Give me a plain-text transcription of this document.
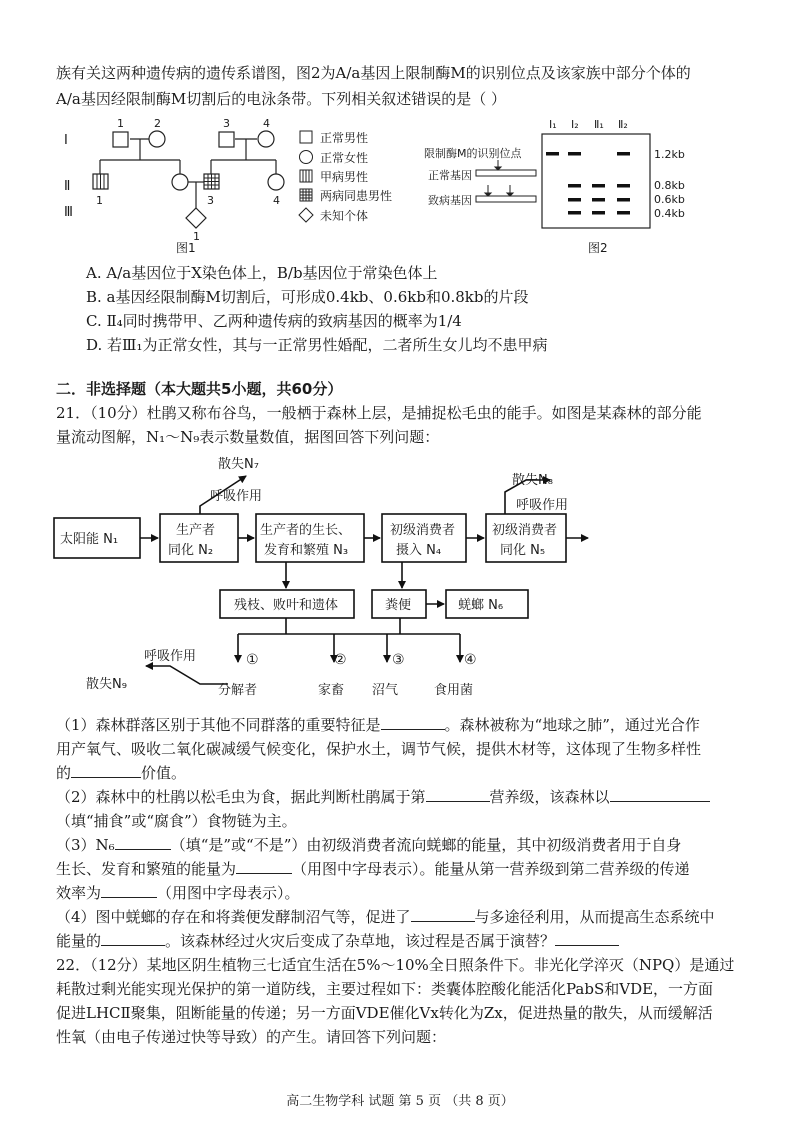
族有关这两种遗传病的遗传系谱图，图2为A/a基因上限制酶M的识别位点及该家族中部分个体的
A/a基因经限制酶M切割后的电泳条带。下列相关叙述错误的是（ ）
Ⅰ
Ⅱ
Ⅲ
1	2	3	4
1	3	4
1
正常男性
正常女性
甲病男性
两病同患男性
未知个体
图1
限制酶M的识别位点
正常基因
致病基因
Ⅰ₁ Ⅰ₂ Ⅱ₁ Ⅱ₂
1.2kb
0.8kb
0.6kb
0.4kb
图2
A. A/a基因位于X染色体上，B/b基因位于常染色体上
B. a基因经限制酶M切割后，可形成0.4kb、0.6kb和0.8kb的片段
C. Ⅱ₄同时携带甲、乙两种遗传病的致病基因的概率为1/4
D. 若Ⅲ₁为正常女性，其与一正常男性婚配，二者所生女儿均不患甲病
二．非选择题（本大题共5小题，共60分）
21．（10分）杜鹃又称布谷鸟，一般栖于森林上层，是捕捉松毛虫的能手。如图是某森林的部分能
量流动图解，N₁～N₉表示数量数值，据图回答下列问题：
散失N₇
呼吸作用
散失N₈
呼吸作用
太阳能 N₁
生产者
同化 N₂
生产者的生长、
发育和繁殖 N₃
初级消费者
摄入 N₄
初级消费者
同化 N₅
残枝、败叶和遗体	粪便	蜣螂 N₆
①	②	③	④
分解者	家畜 沼气	食用菌
呼吸作用
散失N₉
（1）森林群落区别于其他不同群落的重要特征是	。森林被称为“地球之肺”，通过光合作
用产氧气、吸收二氧化碳减缓气候变化，保护水土，调节气候，提供木材等，这体现了生物多样性
的	价值。
（2）森林中的杜鹃以松毛虫为食，据此判断杜鹃属于第	营养级，该森林以
（填“捕食”或“腐食”）食物链为主。
（3）N₆	（填“是”或“不是”）由初级消费者流向蜣螂的能量，其中初级消费者用于自身
生长、发育和繁殖的能量为	（用图中字母表示）。能量从第一营养级到第二营养级的传递
效率为	（用图中字母表示）。
（4）图中蜣螂的存在和将粪便发酵制沼气等，促进了	与多途径利用，从而提高生态系统中
能量的	。该森林经过火灾后变成了杂草地，该过程是否属于演替？
22．（12分）某地区阴生植物三七适宜生活在5%～10%全日照条件下。非光化学淬灭（NPQ）是通过
耗散过剩光能实现光保护的第一道防线，主要过程如下：类囊体腔酸化能活化PabS和VDE，一方面
促进LHCⅡ聚集，阻断能量的传递；另一方面VDE催化Vx转化为Zx，促进热量的散失，从而缓解活
性氧（由电子传递过快等导致）的产生。请回答下列问题：
高二生物学科 试题 第 5 页 （共 8 页）
